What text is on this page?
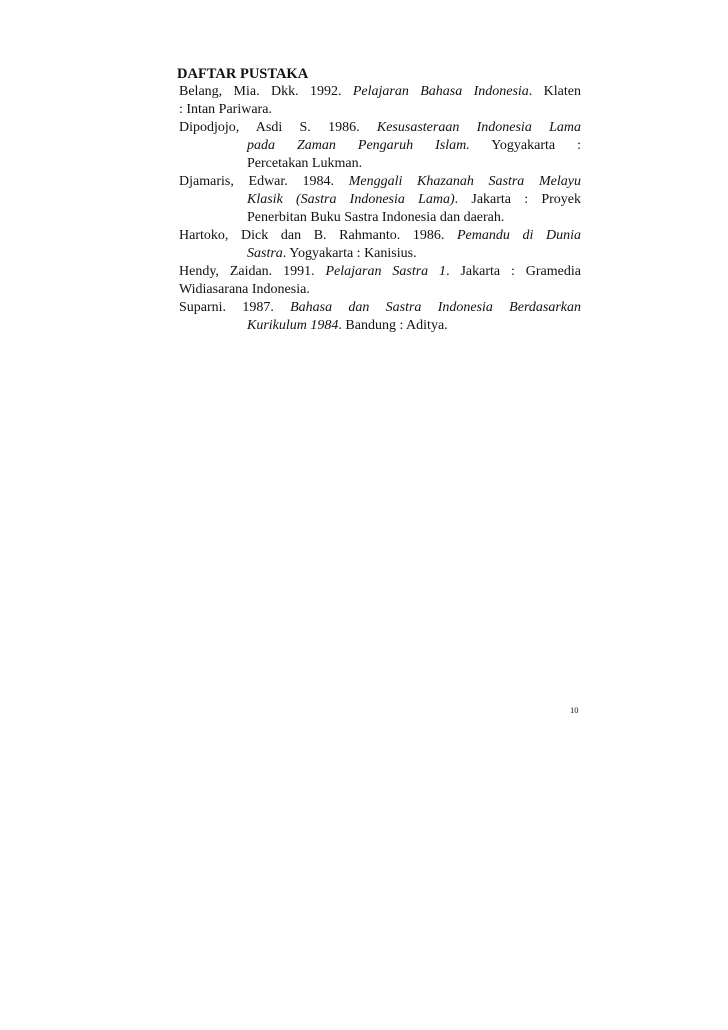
DAFTAR PUSTAKA
Belang, Mia. Dkk. 1992. Pelajaran Bahasa Indonesia. Klaten
: Intan Pariwara.
Dipodjojo, Asdi S. 1986. Kesusasteraan Indonesia Lama
pada Zaman Pengaruh Islam. Yogyakarta :
Percetakan Lukman.
Djamaris, Edwar. 1984. Menggali Khazanah Sastra Melayu
Klasik (Sastra Indonesia Lama). Jakarta : Proyek
Penerbitan Buku Sastra Indonesia dan daerah.
Hartoko, Dick dan B. Rahmanto. 1986. Pemandu di Dunia
Sastra. Yogyakarta : Kanisius.
Hendy, Zaidan. 1991. Pelajaran Sastra 1. Jakarta : Gramedia
Widiasarana Indonesia.
Suparni. 1987. Bahasa dan Sastra Indonesia Berdasarkan
Kurikulum 1984. Bandung : Aditya.
10
